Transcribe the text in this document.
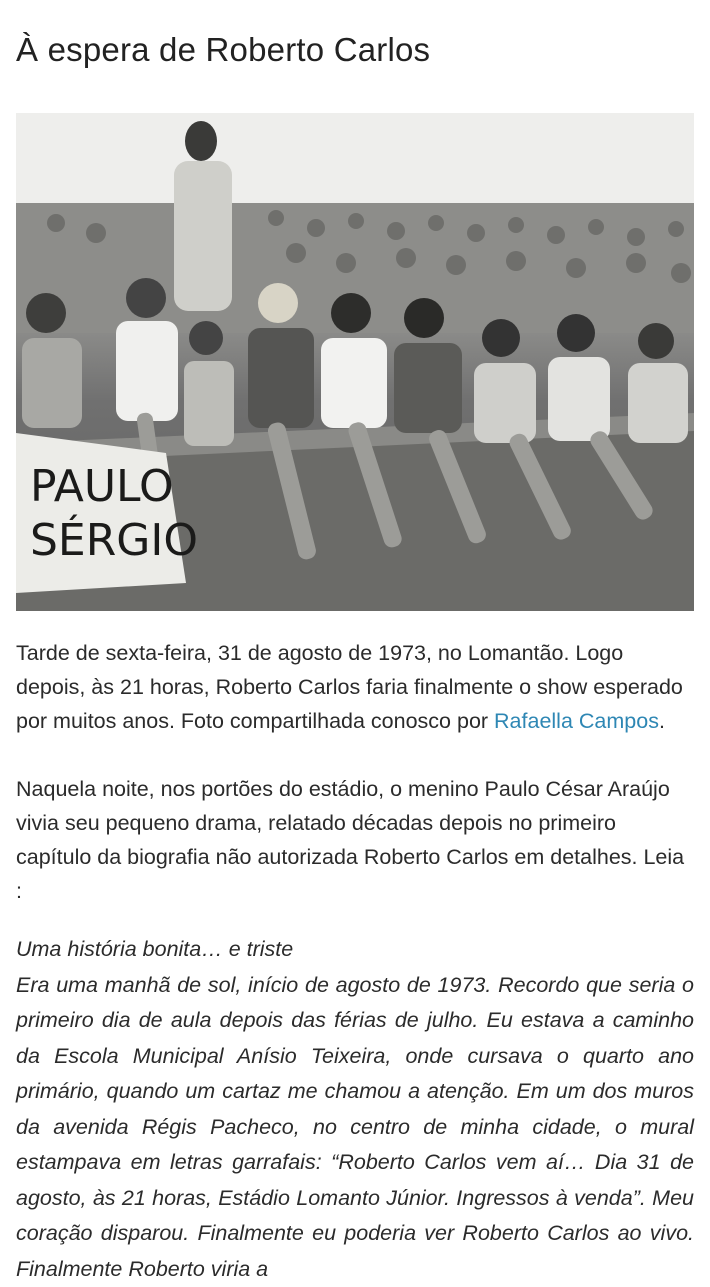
À espera de Roberto Carlos
PAULO
SÉRGIO

Tarde de sexta-feira, 31 de agosto de 1973, no Lomantão. Logo depois, às 21 horas, Roberto Carlos faria finalmente o show esperado por muitos anos. Foto compartilhada conosco por Rafaella Campos.

Naquela noite, nos portões do estádio, o menino Paulo César Araújo vivia seu pequeno drama, relatado décadas depois no primeiro capítulo da biografia não autorizada Roberto Carlos em detalhes. Leia :

Uma história bonita… e triste
Era uma manhã de sol, início de agosto de 1973. Recordo que seria o primeiro dia de aula depois das férias de julho. Eu estava a caminho da Escola Municipal Anísio Teixeira, onde cursava o quarto ano primário, quando um cartaz me chamou a atenção. Em um dos muros da avenida Régis Pacheco, no centro de minha cidade, o mural estampava em letras garrafais: “Roberto Carlos vem aí… Dia 31 de agosto, às 21 horas, Estádio Lomanto Júnior. Ingressos à venda”. Meu coração disparou. Finalmente eu poderia ver Roberto Carlos ao vivo. Finalmente Roberto viria a
